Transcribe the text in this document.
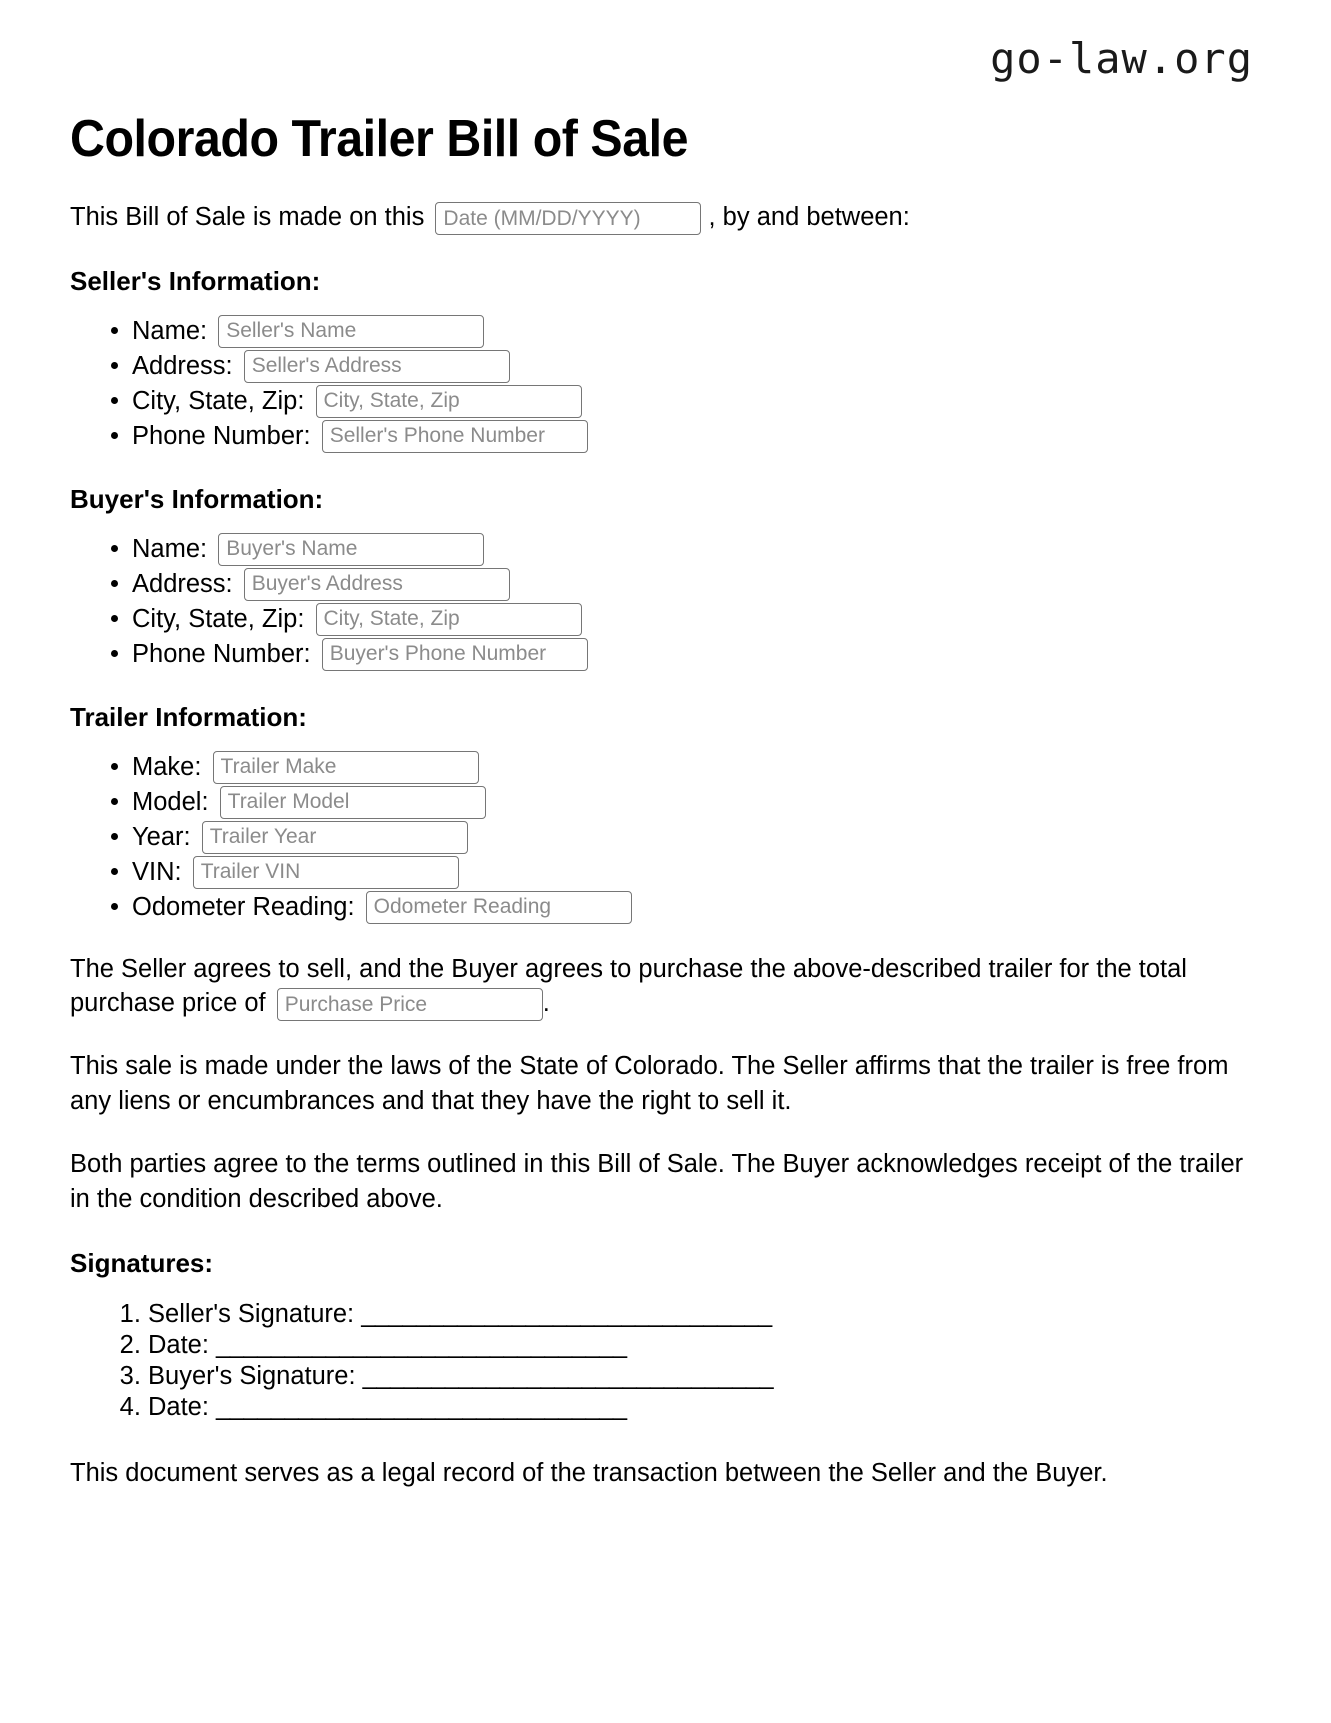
go-law.org
Colorado Trailer Bill of Sale

This Bill of Sale is made on this Date (MM/DD/YYYY)	, by and between:

Seller's Information:
• Name: Seller's Name
• Address: Seller's Address
• City, State, Zip: City, State, Zip
• Phone Number: Seller's Phone Number
Buyer's Information:
• Name: Buyer's Name
• Address: Buyer's Address
• City, State, Zip: City, State, Zip
• Phone Number: Buyer's Phone Number
Trailer Information:
• Make: Trailer Make
• Model: Trailer Model
• Year: Trailer Year
• VIN: Trailer VIN
• Odometer Reading: Odometer Reading

The Seller agrees to sell, and the Buyer agrees to purchase the above-described trailer for the total purchase price of Purchase Price	.

This sale is made under the laws of the State of Colorado. The Seller affirms that the trailer is free from any liens or encumbrances and that they have the right to sell it.

Both parties agree to the terms outlined in this Bill of Sale. The Buyer acknowledges receipt of the trailer in the condition described above.

Signatures:
1. Seller's Signature: ______________________________
2. Date: ______________________________
3. Buyer's Signature: ______________________________
4. Date: ______________________________

This document serves as a legal record of the transaction between the Seller and the Buyer.
